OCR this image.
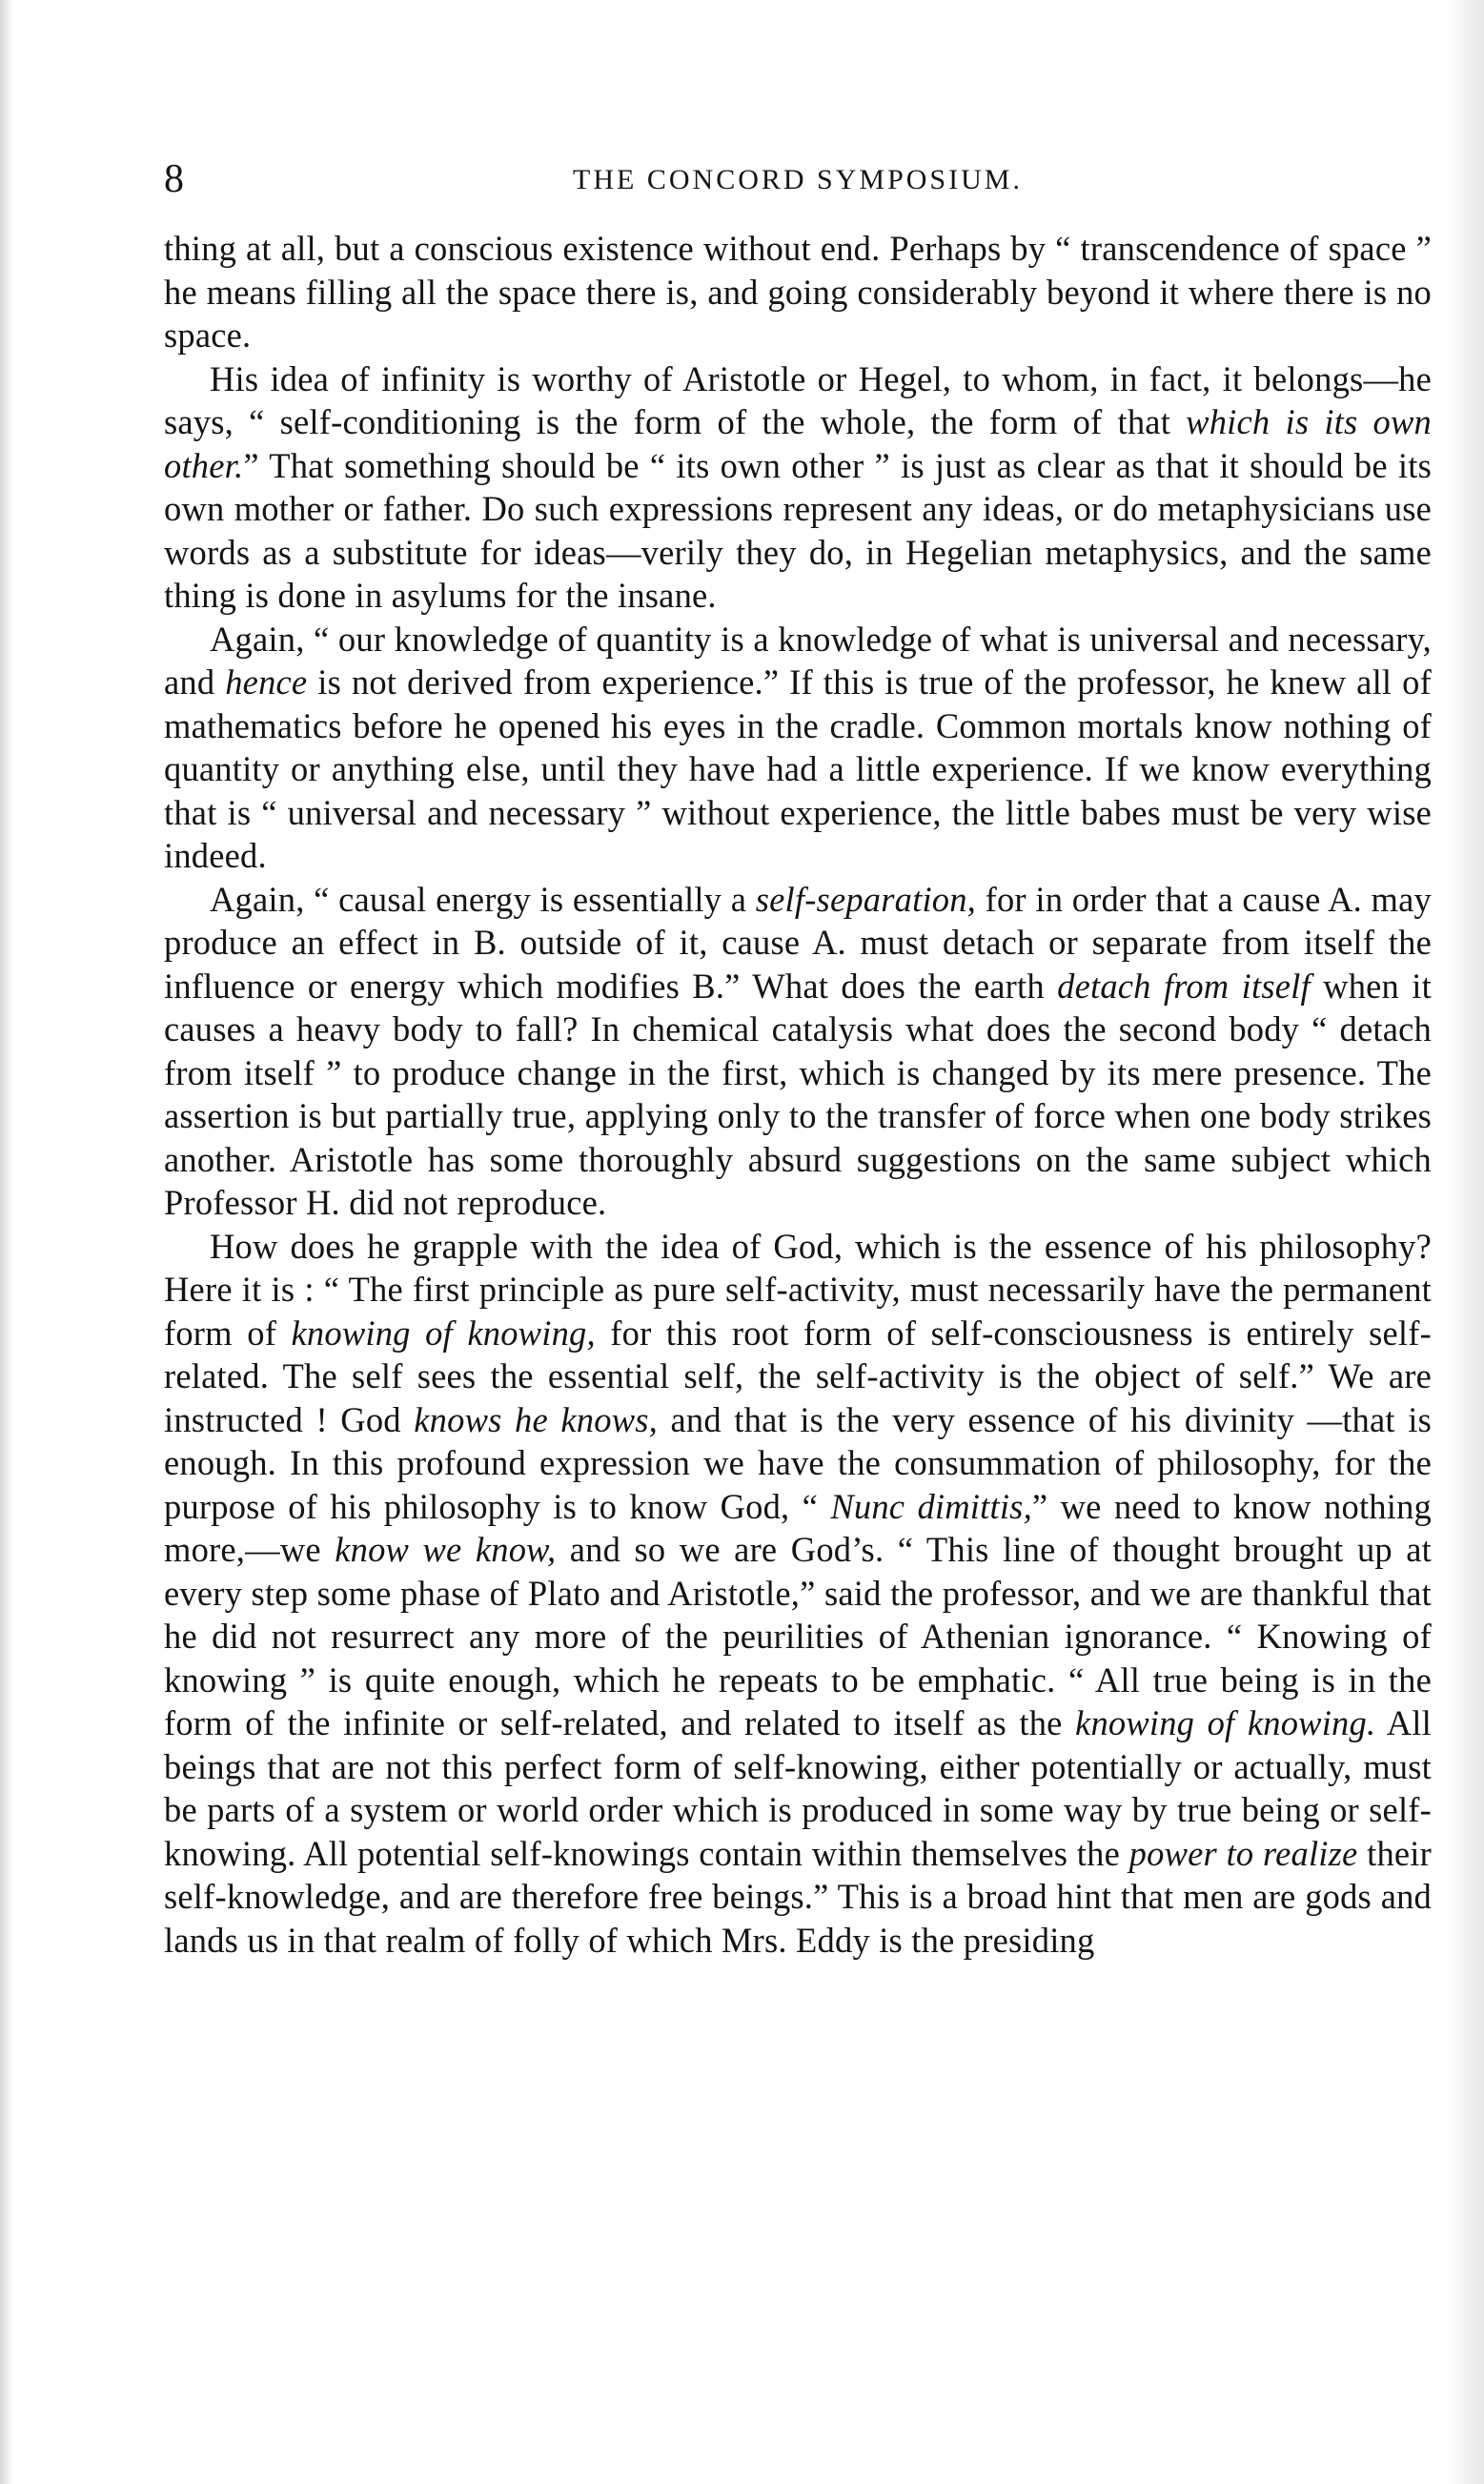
8	THE CONCORD SYMPOSIUM.

thing at all, but a conscious existence without end. Perhaps by “ transcendence of space ” he means filling all the space there is, and going considerably beyond it where there is no space.

His idea of infinity is worthy of Aristotle or Hegel, to whom, in fact, it belongs—he says, “ self-conditioning is the form of the whole, the form of that which is its own other.” That something should be “ its own other ” is just as clear as that it should be its own mother or father. Do such expressions represent any ideas, or do metaphysicians use words as a substitute for ideas—verily they do, in Hegelian metaphysics, and the same thing is done in asylums for the insane.

Again, “ our knowledge of quantity is a knowledge of what is universal and necessary, and hence is not derived from experience.” If this is true of the professor, he knew all of mathematics before he opened his eyes in the cradle. Common mortals know nothing of quantity or anything else, until they have had a little experience. If we know everything that is “ universal and necessary ” without experience, the little babes must be very wise indeed.

Again, “ causal energy is essentially a self-separation, for in order that a cause A. may produce an effect in B. outside of it, cause A. must detach or separate from itself the influence or energy which modifies B.” What does the earth detach from itself when it causes a heavy body to fall? In chemical catalysis what does the second body “ detach from itself ” to produce change in the first, which is changed by its mere presence. The assertion is but partially true, applying only to the transfer of force when one body strikes another. Aristotle has some thoroughly absurd suggestions on the same subject which Professor H. did not reproduce.

How does he grapple with the idea of God, which is the essence of his philosophy? Here it is : “ The first principle as pure self-activity, must necessarily have the permanent form of knowing of knowing, for this root form of self-consciousness is entirely self-related. The self sees the essential self, the self-activity is the object of self.” We are instructed ! God knows he knows, and that is the very essence of his divinity —that is enough. In this profound expression we have the consummation of philosophy, for the purpose of his philosophy is to know God, “ Nunc dimittis,” we need to know nothing more,—we know we know, and so we are God’s. “ This line of thought brought up at every step some phase of Plato and Aristotle,” said the professor, and we are thankful that he did not resurrect any more of the peurilities of Athenian ignorance. “ Knowing of knowing ” is quite enough, which he repeats to be emphatic. “ All true being is in the form of the infinite or self-related, and related to itself as the knowing of knowing. All beings that are not this perfect form of self-knowing, either potentially or actually, must be parts of a system or world order which is produced in some way by true being or self-knowing. All potential self-knowings contain within themselves the power to realize their self-knowledge, and are therefore free beings.” This is a broad hint that men are gods and lands us in that realm of folly of which Mrs. Eddy is the presiding
